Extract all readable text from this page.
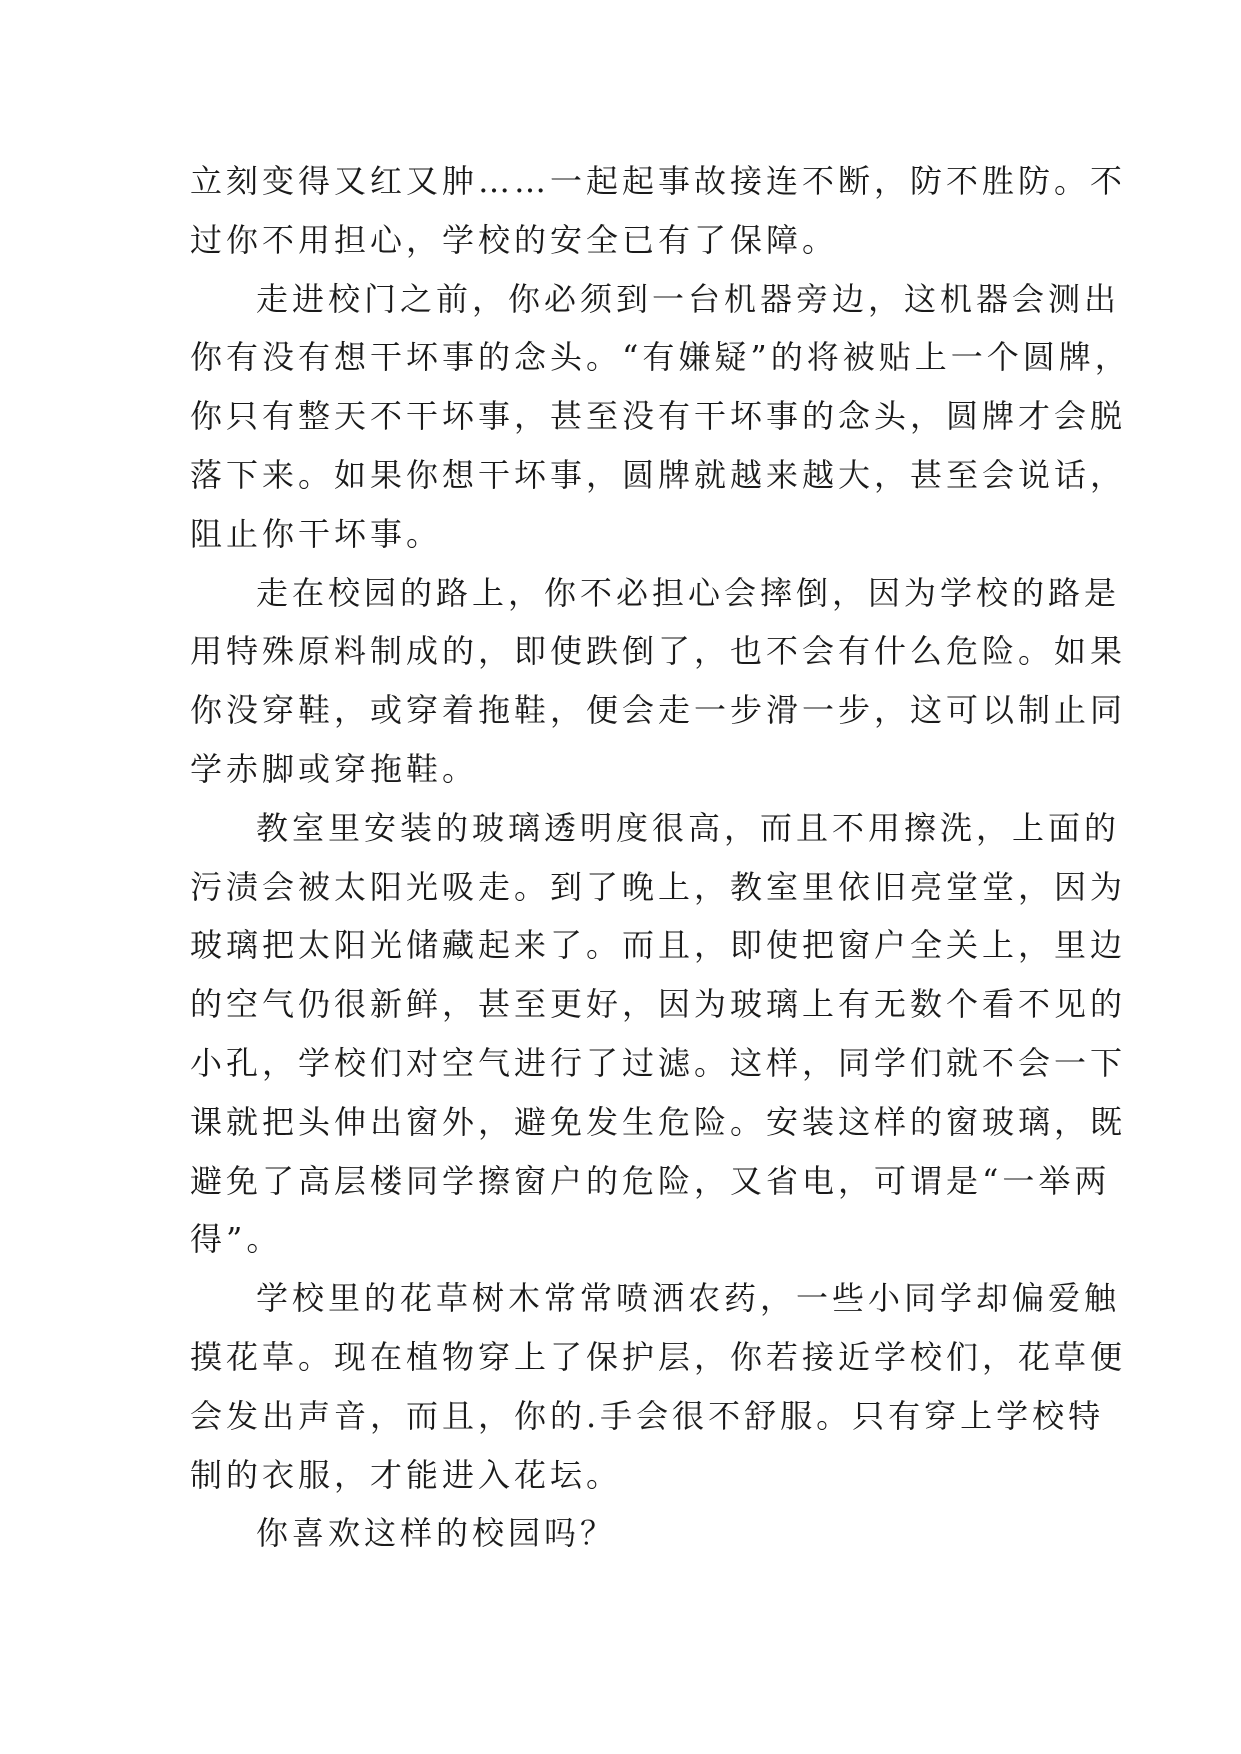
立刻变得又红又肿……一起起事故接连不断，防不胜防。不
过你不用担心，学校的安全已有了保障。
走进校门之前，你必须到一台机器旁边，这机器会测出
你有没有想干坏事的念头。“有嫌疑”的将被贴上一个圆牌，
你只有整天不干坏事，甚至没有干坏事的念头，圆牌才会脱
落下来。如果你想干坏事，圆牌就越来越大，甚至会说话，
阻止你干坏事。
走在校园的路上，你不必担心会摔倒，因为学校的路是
用特殊原料制成的，即使跌倒了，也不会有什么危险。如果
你没穿鞋，或穿着拖鞋，便会走一步滑一步，这可以制止同
学赤脚或穿拖鞋。
教室里安装的玻璃透明度很高，而且不用擦洗，上面的
污渍会被太阳光吸走。到了晚上，教室里依旧亮堂堂，因为
玻璃把太阳光储藏起来了。而且，即使把窗户全关上，里边
的空气仍很新鲜，甚至更好，因为玻璃上有无数个看不见的
小孔，学校们对空气进行了过滤。这样，同学们就不会一下
课就把头伸出窗外，避免发生危险。安装这样的窗玻璃，既
避免了高层楼同学擦窗户的危险，又省电，可谓是“一举两
得”。
学校里的花草树木常常喷洒农药，一些小同学却偏爱触
摸花草。现在植物穿上了保护层，你若接近学校们，花草便
会发出声音，而且，你的.手会很不舒服。只有穿上学校特
制的衣服，才能进入花坛。
你喜欢这样的校园吗？
